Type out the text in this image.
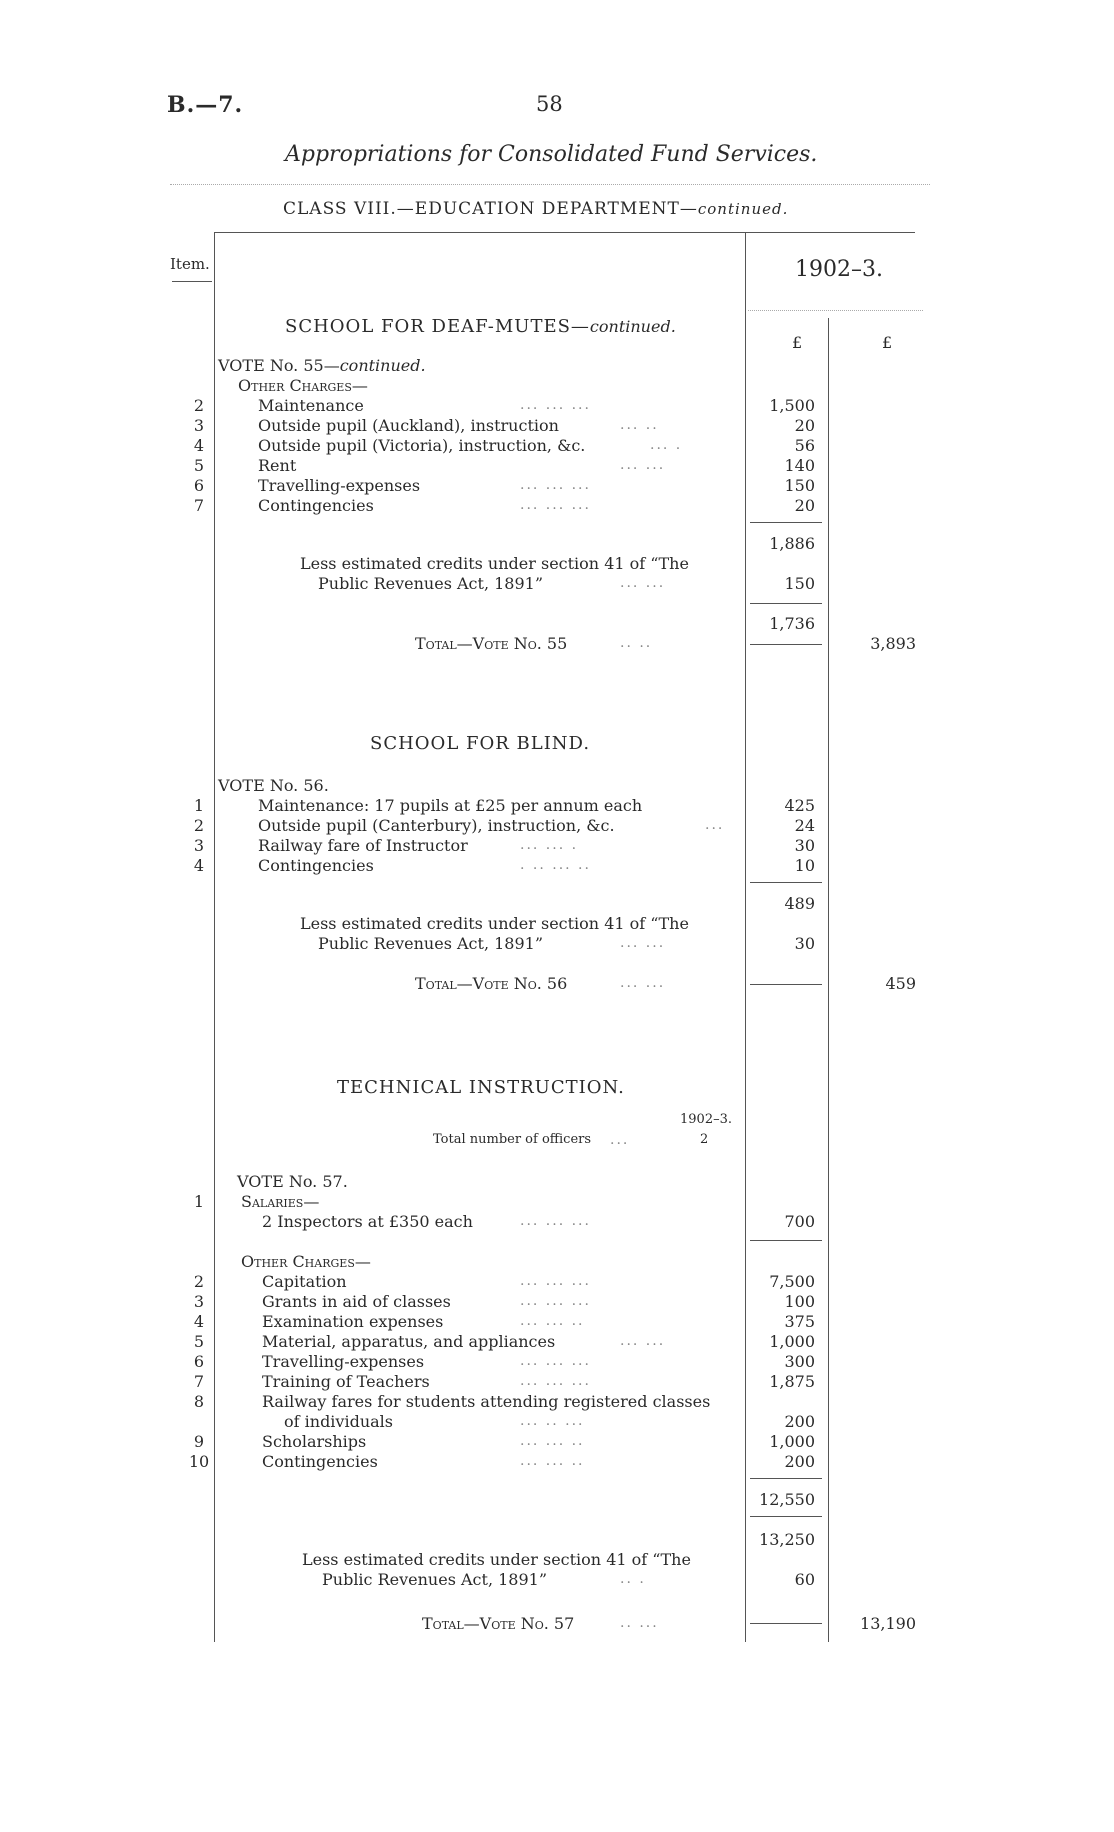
B.—7.	58
Appropriations for Consolidated Fund Services.
CLASS VIII.—EDUCATION DEPARTMENT—continued.
Item.	1902–3.
£	£
SCHOOL FOR DEAF-MUTES—continued.
VOTE No. 55—continued.
Other Charges—
2	Maintenance	... ... ...	1,500
3	Outside pupil (Auckland), instruction	... ..	20
4	Outside pupil (Victoria), instruction, &c.	... .	56
5	Rent	... ...	140
6	Travelling-expenses	... ... ...	150
7	Contingencies	... ... ...	20
1,886
Less estimated credits under section 41 of “The
Public Revenues Act, 1891”	... ...	150
1,736
Total—Vote No. 55	.. ..	3,893
SCHOOL FOR BLIND.
VOTE No. 56.
1	Maintenance: 17 pupils at £25 per annum each	425
2	Outside pupil (Canterbury), instruction, &c.	...	24
3	Railway fare of Instructor	... ... .	30
4	Contingencies	. .. ... ..	10
489
Less estimated credits under section 41 of “The
Public Revenues Act, 1891”	... ...	30
Total—Vote No. 56	... ...	459
TECHNICAL INSTRUCTION.
1902–3.
Total number of officers ...	2
VOTE No. 57.
1	Salaries—
2 Inspectors at £350 each	... ... ...	700
Other Charges—
2	Capitation	... ... ...	7,500
3	Grants in aid of classes	... ... ...	100
4	Examination expenses	... ... ..	375
5	Material, apparatus, and appliances	... ...	1,000
6	Travelling-expenses	... ... ...	300
7	Training of Teachers	... ... ...	1,875
8	Railway fares for students attending registered classes
of individuals	... .. ...	200
9	Scholarships	... ... ..	1,000
10	Contingencies	... ... ..	200
12,550
13,250
Less estimated credits under section 41 of “The
Public Revenues Act, 1891”	.. .	60
Total—Vote No. 57	.. ...	13,190
